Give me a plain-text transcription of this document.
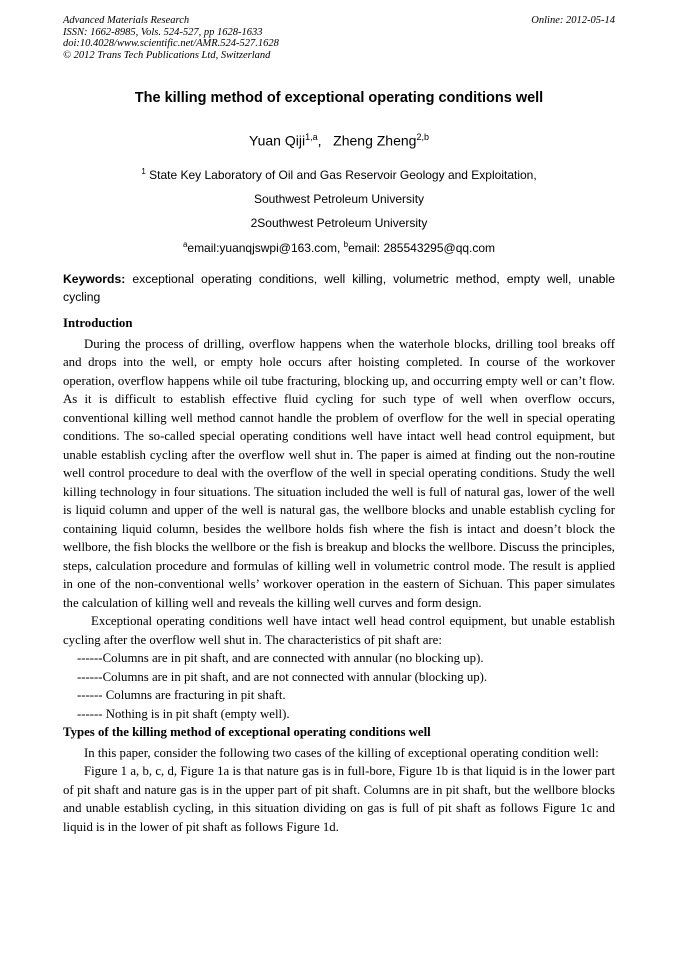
Advanced Materials Research
ISSN: 1662-8985, Vols. 524-527, pp 1628-1633
doi:10.4028/www.scientific.net/AMR.524-527.1628
© 2012 Trans Tech Publications Ltd, Switzerland
Online: 2012-05-14
The killing method of exceptional operating conditions well
Yuan Qiji$^{1,a}$,   Zheng Zheng$^{2,b}$
$^1$ State Key Laboratory of Oil and Gas Reservoir Geology and Exploitation,
Southwest Petroleum University
2Southwest Petroleum University
$^a$email:yuanqjswpi@163.com, $^b$email: 285543295@qq.com
Keywords: exceptional operating conditions, well killing, volumetric method, empty well, unable cycling
Introduction

During the process of drilling, overflow happens when the waterhole blocks, drilling tool breaks off and drops into the well, or empty hole occurs after hoisting completed. In course of the workover operation, overflow happens while oil tube fracturing, blocking up, and occurring empty well or can’t flow. As it is difficult to establish effective fluid cycling for such type of well when overflow occurs, conventional killing well method cannot handle the problem of overflow for the well in special operating conditions. The so-called special operating conditions well have intact well head control equipment, but unable establish cycling after the overflow well shut in. The paper is aimed at finding out the non-routine well control procedure to deal with the overflow of the well in special operating conditions. Study the well killing technology in four situations. The situation included the well is full of natural gas, lower of the well is liquid column and upper of the well is natural gas, the wellbore blocks and unable establish cycling for containing liquid column, besides the wellbore holds fish where the fish is intact and doesn’t block the wellbore, the fish blocks the wellbore or the fish is breakup and blocks the wellbore. Discuss the principles, steps, calculation procedure and formulas of killing well in volumetric control mode. The result is applied in one of the non-conventional wells’ workover operation in the eastern of Sichuan. This paper simulates the calculation of killing well and reveals the killing well curves and form design.

Exceptional operating conditions well have intact well head control equipment, but unable establish cycling after the overflow well shut in. The characteristics of pit shaft are:

------Columns are in pit shaft, and are connected with annular (no blocking up).
------Columns are in pit shaft, and are not connected with annular (blocking up).
------ Columns are fracturing in pit shaft.
------ Nothing is in pit shaft (empty well).
Types of the killing method of exceptional operating conditions well

In this paper, consider the following two cases of the killing of exceptional operating condition well:

Figure 1 a, b, c, d, Figure 1a is that nature gas is in full-bore, Figure 1b is that liquid is in the lower part of pit shaft and nature gas is in the upper part of pit shaft. Columns are in pit shaft, but the wellbore blocks and unable establish cycling, in this situation dividing on gas is full of pit shaft as follows Figure 1c and liquid is in the lower of pit shaft as follows Figure 1d.
